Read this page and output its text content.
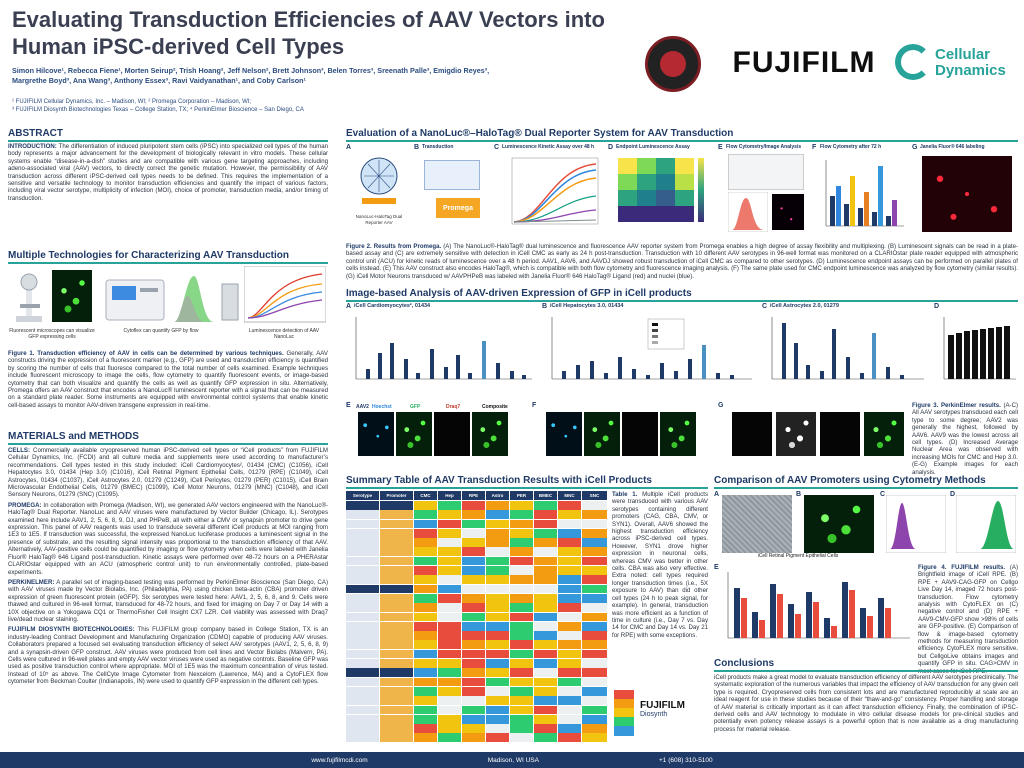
Evaluating Transduction Efficiencies of AAV Vectors into
Human iPSC-derived Cell Types
Simon Hilcove¹, Rebecca Fiene¹, Morten Seirup², Trish Hoang², Jeff Nelson², Brett Johnson³, Belen Torres³, Sreenath Palle³, Emigdio Reyes³,
Margrethe Boyd³, Ana Wang³, Anthony Essex³, Ravi Vaidyanathan¹, and Coby Carlson¹
¹ FUJIFILM Cellular Dynamics, Inc. – Madison, WI; ² Promega Corporation – Madison, WI;
³ FUJIFILM Diosynth Biotechnologies Texas – College Station, TX; ⁴ PerkinElmer Bioscience – San Diego, CA
FUJI FILM	Cellular
Dynamics
ABSTRACT
INTRODUCTION: The differentiation of induced pluripotent stem cells (iPSC) into specialized cell types of the human body represents a major advancement for the development of biologically relevant in vitro models. These cellular systems enable “disease-in-a-dish” studies and are compatible with various gene targeting approaches, including adeno-associated viral (AAV) vectors, to directly correct the genetic mutation. However, the permissibility of AAV transduction across different iPSC-derived cell types needs to be defined. This requires the implementation of a sensitive and versatile technology to monitor transduction efficiencies and quantify the impact of various factors, including viral vector serotype, multiplicity of infection (MOI), choice of promoter, transduction media, and/or timing of transduction.
Multiple Technologies for Characterizing AAV Transduction
Fluorescent microscopes can visualize GFP expressing cells
Cytoflex can quantify GFP by flow	Luminescence detection of AAV NanoLuc
Figure 1. Transduction efficiency of AAV in cells can be determined by various techniques. Generally, AAV constructs driving the expression of a fluorescent marker (e.g., GFP) are used and transduction efficiency is quantified by scoring the number of cells that fluoresce compared to the total number of cells examined. Example techniques include fluorescent microscopy to image the cells, flow cytometry to quantify fluorescent events, or image-based cytometry that can both visualize and quantify the cells as well as quantify GFP expression in situ. Alternatively, Promega offers an AAV construct that encodes a NanoLuc® luminescent reporter with a signal that can be measured on a standard plate reader. Some instruments are equipped with environmental control systems that enable kinetic cell-based assays to monitor AAV-driven transgene expression in real-time.
MATERIALS and METHODS

CELLS: Commercially available cryopreserved human iPSC-derived cell types or “iCell products” from FUJIFILM Cellular Dynamics, Inc. (FCDI) and all culture media and supplements were used according to manufacturer’s recommendations. Cell types tested in this study included: iCell Cardiomyocytes², 01434 (CMC) (C1056), iCell Hepatocytes 3.0, 01434 (Hep 3.0) (C1016), iCell Retinal Pigment Epithelial Cells, 01279 (RPE) (C1049), iCell Astrocytes, 01434 (C1037), iCell Astrocytes 2.0, 01279 (C1249), iCell Pericytes, 01279 (PER) (C1015), iCell Brain Microvascular Endothelial Cells, 01279 (BMEC) (C1099), iCell Motor Neurons, 01279 (MNC) (C1048), and iCell Sensory Neurons, 01279 (SNC) (C1095).

PROMEGA: In collaboration with Promega (Madison, WI), we generated AAV vectors engineered with the NanoLuc®-HaloTag® Dual Reporter. NanoLuc and AAV viruses were manufactured by Vector Builder (Chicago, IL). Serotypes examined here include AAV1, 2, 5, 6, 8, 9, DJ, and PHPeB, all with either a CMV or synapsin promoter to drive gene expression. This panel of AAV reagents was used to transduce several different iCell products at MOI ranging from 1E3 to 1E5. If transduction was successful, the expressed NanoLuc luciferase produces a luminescent signal in the presence of substrate, and the resulting signal intensity was proportional to the transduction efficiency of that AAV. Alternatively, AAV-positive cells could be quantified by imaging or flow cytometry when cells were labeled with Janelia Fluor® HaloTag® 646 Ligand post-transduction. Kinetic assays were performed over 48-72 hours on a PHERAstar CLARIOstar equipped with an ACU (atmospheric control unit) to run environmentally controlled, plate-based experiments.

PERKINELMER: A parallel set of imaging-based testing was performed by PerkinElmer Bioscience (San Diego, CA) with AAV viruses made by Vector Biolabs, Inc. (Philadelphia, PA) using chicken beta-actin (CBA) promoter driven expression of green fluorescent protein (eGFP). Six serotypes were tested here: AAV1, 2, 5, 6, 8, and 9. Cells were thawed and cultured in 96-well format, transduced for 48-72 hours, and fixed for imaging on Day 7 or Day 14 with a 10X objective on a Yokogawa CQ1 or ThermoFisher Cell Insight CX7 LZR. Cell viability was assessed with Draq7 live/dead nuclear staining.

FUJIFILM DIOSYNTH BIOTECHNOLOGIES: This FUJIFILM group company based in College Station, TX is an industry-leading Contract Development and Manufacturing Organization (CDMO) capable of producing AAV viruses. Collaborators prepared a focused set evaluating transduction efficiency of select AAV serotypes (AAV1, 2, 5, 6, 8, 9) and a synapsin-driven GFP construct. AAV viruses were produced from cell lines and Vector Biolabs (Malvern, PA). Cells were cultured in 96-well plates and empty AAV vector viruses were used as negative controls. Baseline GFP was used as positive transduction control where appropriate. MOI of 1E5 was the maximum concentration of virus tested. Instead of 10⁵ as above. The CellCyte Image Cytometer from Nexcelom (Lawrence, MA) and a CytoFLEX flow cytometer from Beckman Coulter (Indianapolis, IN) were used to quantify GFP expression in the different cell types.

Evaluation of a NanoLuc®–HaloTag® Dual Reporter System for AAV Transduction
A
NanoLuc-HaloTag Dual Reporter AAV
B Transduction
Promega
C Luminescence Kinetic Assay over 48 h D Endpoint Luminescence Assay	E Flow Cytometry/Image Analysis F Flow Cytometry after 72 h	G Janelia Fluor® 646 labeling
Figure 2. Results from Promega. (A) The NanoLuc®-HaloTag® dual luminescence and fluorescence AAV reporter system from Promega enables a high degree of assay flexibility and multiplexing. (B) Luminescent signals can be read in a plate-based assay and (C) are extremely sensitive with detection in iCell CMC as early as 24 h post-transduction. Transduction with 10 different AAV serotypes in 96-well format was monitored on a CLARIOstar plate reader equipped with atmospheric control unit (ACU) for kinetic reads of luminescence over a 48 h period. AAV1, AAV6, and AAVDJ showed robust transduction of iCell CMC as compared to other serotypes. (D) Luminescence endpoint assays can be performed on parallel plates of cells instead. (E) This AAV construct also encodes HaloTag®, which is compatible with both flow cytometry and fluorescence imaging analysis. (F) The same plate used for CMC endpoint luminescence was analyzed by flow cytometry (similar results). (G) iCell Motor Neurons transduced w/ AAVPHPeB was labeled with Janelia Fluor® 646 HaloTag® Ligand (red) and nuclei (blue).
Image-based Analysis of AAV-driven Expression of GFP in iCell products
A iCell Cardiomyocytes², 01434	B iCell Hepatocytes 3.0, 01434	C iCell Astrocytes 2.0, 01279	D
E AAV2 Hoechst	GFP	Draq7	Composite	F	G	Figure 3. PerkinElmer results. (A-C) All AAV serotypes transduced each cell type to some degree; AAV2 was generally the highest, followed by AAV6. AAV9 was the lowest across all cell types. (D) Increased Average Nuclear Area was observed with increasing MOIs for CMC and Hep 3.0. (E-G) Example images for each analysis.
Summary Table of AAV Transduction Results with iCell Products
Serotype	Promoter	CMC	Hep	RPE	Astro	PER	BMEC	MNC	SNC	Table 1. Multiple iCell products were transduced with various AAV serotypes containing different promoters (CAG, CBA, CMV, or SYN1). Overall, AAV6 showed the highest transduction efficiency across iPSC-derived cell types. However, SYN1 drove higher expression in neuronal cells, whereas CMV was better in other cells. CBA was also very effective. Extra noted: cell types required longer transduction times (i.e., 5X exposure to AAV) than did other cell types (24 h to peak signal, for example). In general, transduction was more efficient as a function of time in culture (i.e., Day 7 vs. Day 14 for CMC and Day 14 vs. Day 21 for RPE) with some exceptions.
FUJIFILM
Diosynth
Comparison of AAV Promoters using Cytometry Methods
A	B
iCell Retinal Pigment Epithelial Cells
C	D
E	Figure 4. FUJIFILM results. (A) Brightfield image of iCell RPE. (B) RPE + AAV9-CAG-GFP on Cellgo Live Day 14, imaged 72 hours post-transduction. Flow cytometry analysis with CytoFLEX on (C) negative control and (D) RPE + AAV9-CMV-GFP show >98% of cells are GFP-positive. (E) Comparison of flow & image-based cytometry methods for measuring transduction efficiency. CytoFLEX more sensitive, but CellgoLive obtains images and quantify GFP in situ. CAG>CMV in most cases for iCell RPE.
Conclusions
iCell products make a great model to evaluate transduction efficiency of different AAV serotypes preclinically. The systematic exploration of the numerous variables that impact the efficiency of AAV transduction for any given cell type is required. Cryopreserved cells from consistent lots and are manufactured reproducibly at scale are an ideal reagent for use in these studies because of their “thaw-and-go” consistency. Proper handling and storage of AAV material is critically important as it can affect transduction efficiency. Finally, the combination of iPSC-derived cells and AAV technology to modulate in vitro cellular disease models for pre-clinical studies and potentially even potency release assays is a powerful option that is now available as a drug manufacturing process for material release.
www.fujifilmcdi.com	Madison, WI USA	+1 (608) 310-5100
